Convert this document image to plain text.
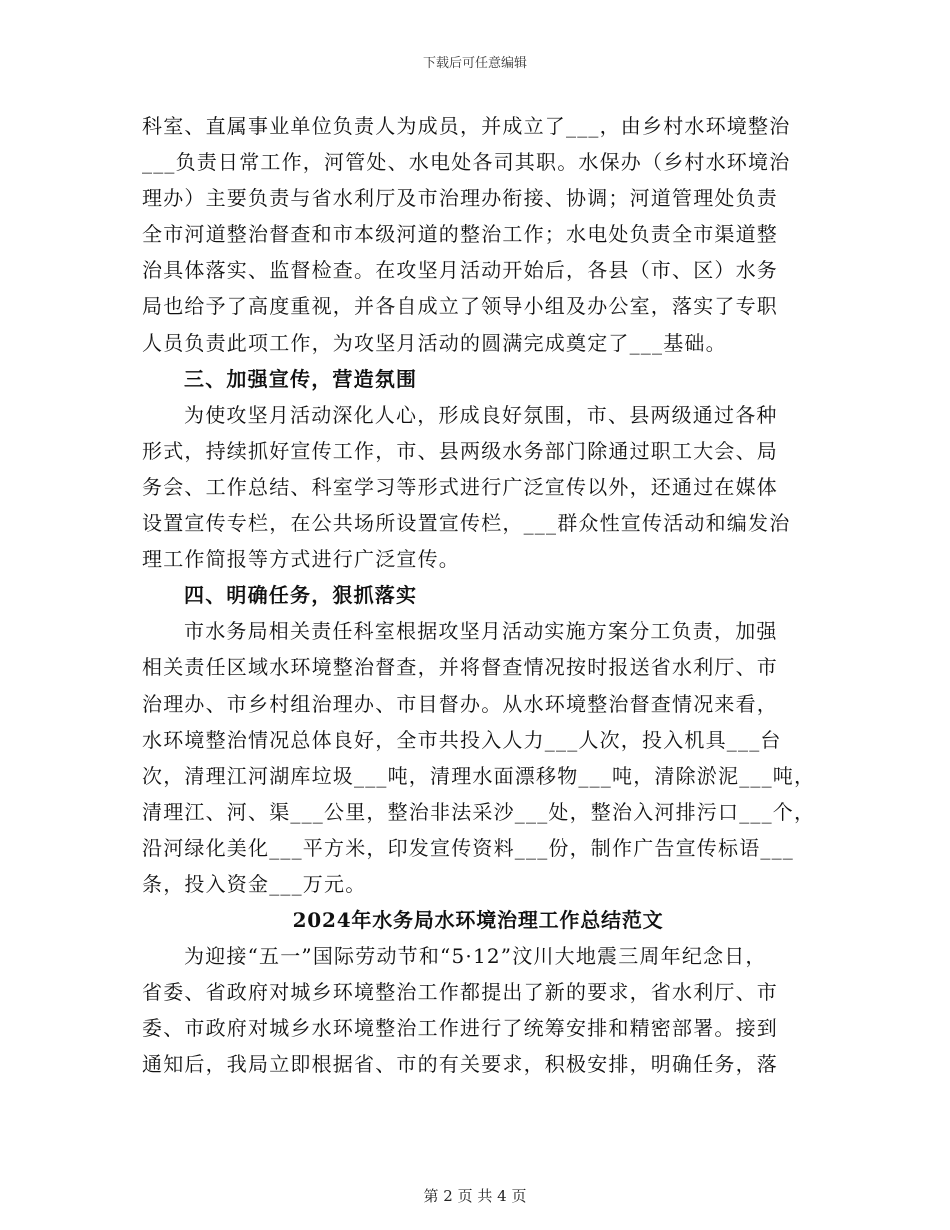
下载后可任意编辑
科室、直属事业单位负责人为成员，并成立了___，由乡村水环境整治
___负责日常工作，河管处、水电处各司其职。水保办（乡村水环境治
理办）主要负责与省水利厅及市治理办衔接、协调；河道管理处负责
全市河道整治督查和市本级河道的整治工作；水电处负责全市渠道整
治具体落实、监督检查。在攻坚月活动开始后，各县（市、区）水务
局也给予了高度重视，并各自成立了领导小组及办公室，落实了专职
人员负责此项工作，为攻坚月活动的圆满完成奠定了___基础。
三、加强宣传，营造氛围
为使攻坚月活动深化人心，形成良好氛围，市、县两级通过各种
形式，持续抓好宣传工作，市、县两级水务部门除通过职工大会、局
务会、工作总结、科室学习等形式进行广泛宣传以外，还通过在媒体
设置宣传专栏，在公共场所设置宣传栏，___群众性宣传活动和编发治
理工作简报等方式进行广泛宣传。
四、明确任务，狠抓落实
市水务局相关责任科室根据攻坚月活动实施方案分工负责，加强
相关责任区域水环境整治督查，并将督查情况按时报送省水利厅、市
治理办、市乡村组治理办、市目督办。从水环境整治督查情况来看，
水环境整治情况总体良好，全市共投入人力___人次，投入机具___台
次，清理江河湖库垃圾___吨，清理水面漂移物___吨，清除淤泥___吨，
清理江、河、渠___公里，整治非法采沙___处，整治入河排污口___个，
沿河绿化美化___平方米，印发宣传资料___份，制作广告宣传标语___
条，投入资金___万元。
2024年水务局水环境治理工作总结范文
为迎接“五一”国际劳动节和“5·12”汶川大地震三周年纪念日，
省委、省政府对城乡环境整治工作都提出了新的要求，省水利厅、市
委、市政府对城乡水环境整治工作进行了统筹安排和精密部署。接到
通知后，我局立即根据省、市的有关要求，积极安排，明确任务，落
第 2 页 共 4 页
